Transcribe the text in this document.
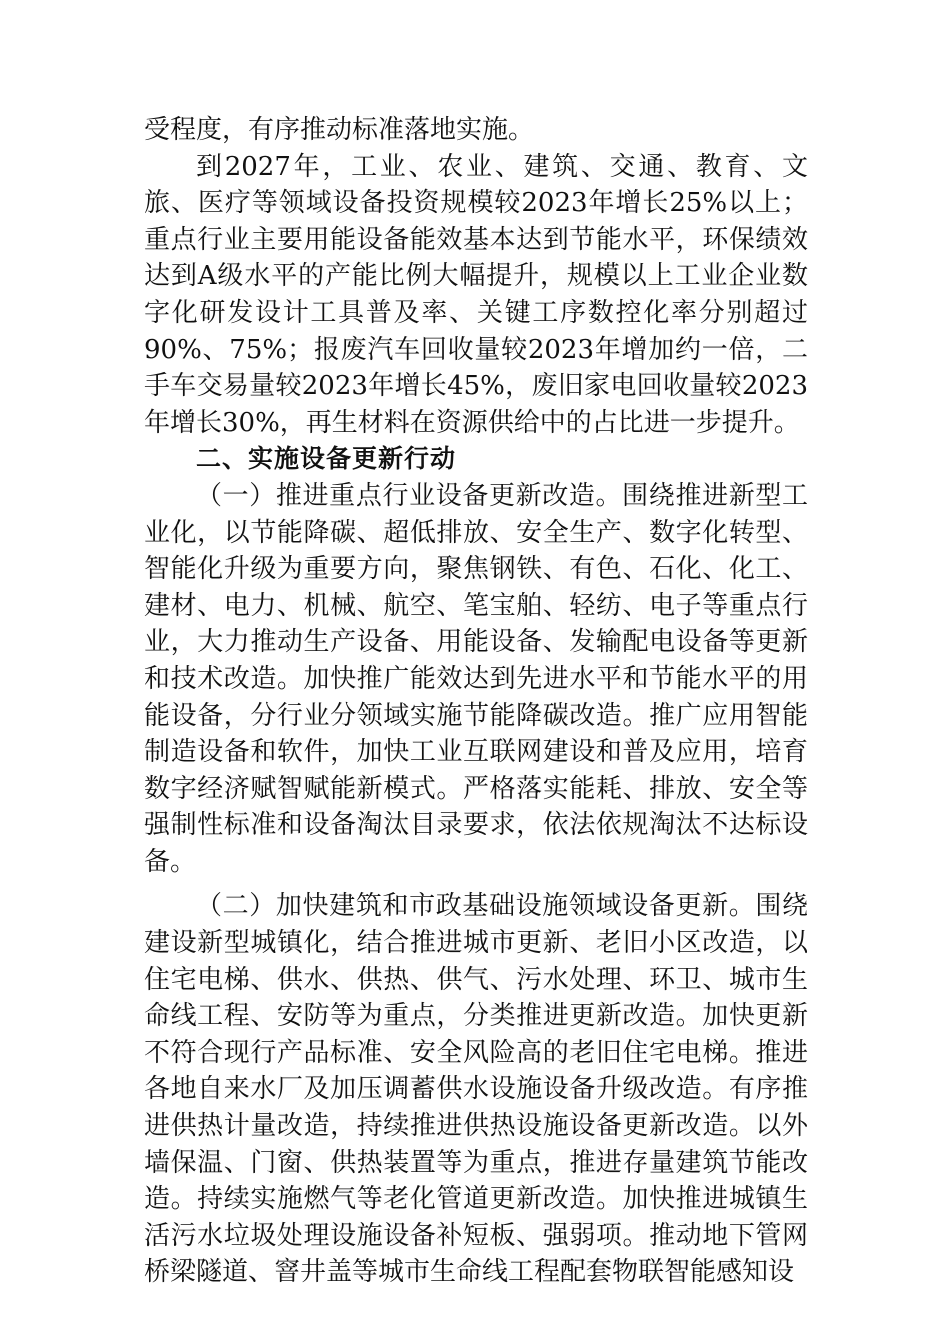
受程度，有序推动标准落地实施。

到2027年，工业、农业、建筑、交通、教育、文旅、医疗等领域设备投资规模较2023年增长25%以上；重点行业主要用能设备能效基本达到节能水平，环保绩效达到A级水平的产能比例大幅提升，规模以上工业企业数字化研发设计工具普及率、关键工序数控化率分别超过90%、75%；报废汽车回收量较2023年增加约一倍，二手车交易量较2023年增长45%，废旧家电回收量较2023年增长30%，再生材料在资源供给中的占比进一步提升。

二、实施设备更新行动

（一）推进重点行业设备更新改造。围绕推进新型工业化，以节能降碳、超低排放、安全生产、数字化转型、智能化升级为重要方向，聚焦钢铁、有色、石化、化工、建材、电力、机械、航空、笔宝舶、轻纺、电子等重点行业，大力推动生产设备、用能设备、发输配电设备等更新和技术改造。加快推广能效达到先进水平和节能水平的用能设备，分行业分领域实施节能降碳改造。推广应用智能制造设备和软件，加快工业互联网建设和普及应用，培育数字经济赋智赋能新模式。严格落实能耗、排放、安全等强制性标准和设备淘汰目录要求，依法依规淘汰不达标设备。

（二）加快建筑和市政基础设施领域设备更新。围绕建设新型城镇化，结合推进城市更新、老旧小区改造，以住宅电梯、供水、供热、供气、污水处理、环卫、城市生命线工程、安防等为重点，分类推进更新改造。加快更新不符合现行产品标准、安全风险高的老旧住宅电梯。推进各地自来水厂及加压调蓄供水设施设备升级改造。有序推进供热计量改造，持续推进供热设施设备更新改造。以外墙保温、门窗、供热装置等为重点，推进存量建筑节能改造。持续实施燃气等老化管道更新改造。加快推进城镇生活污水垃圾处理设施设备补短板、强弱项。推动地下管网桥梁隧道、窨井盖等城市生命线工程配套物联智能感知设
